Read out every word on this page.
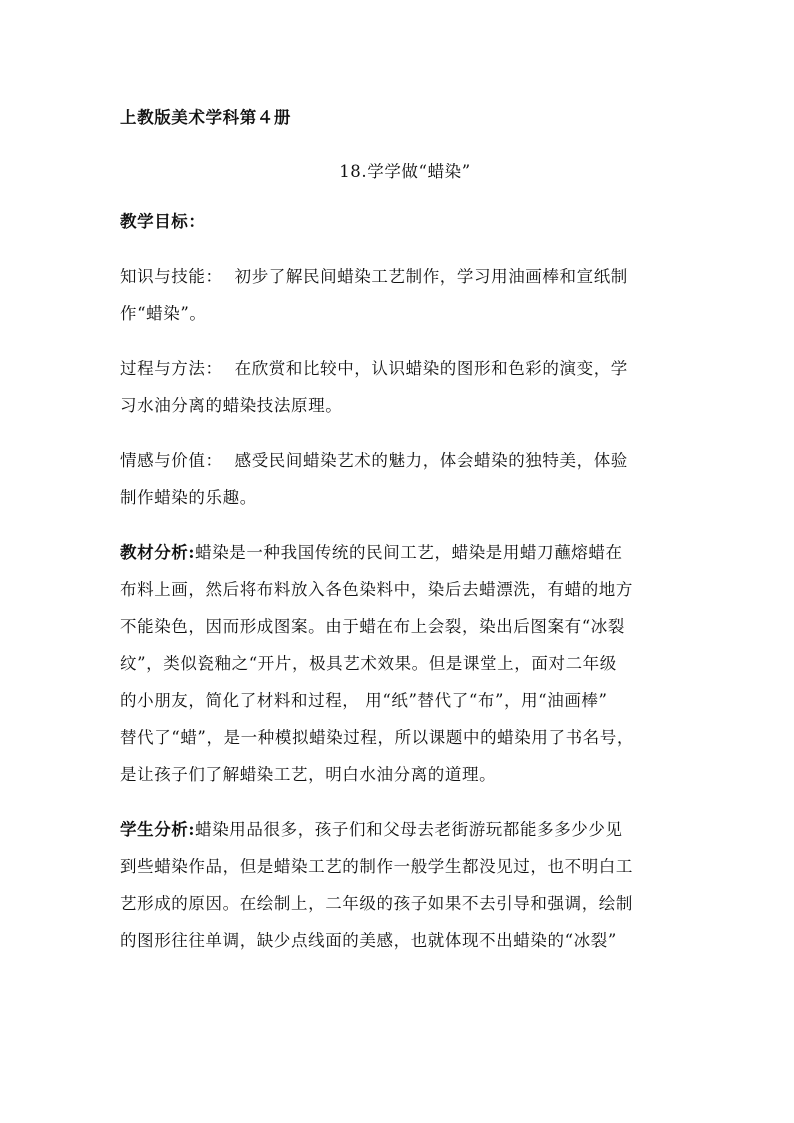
上教版美术学科第４册
18.学学做“蜡染”
教学目标：
知识与技能： 初步了解民间蜡染工艺制作，学习用油画棒和宣纸制
作“蜡染”。
过程与方法： 在欣赏和比较中，认识蜡染的图形和色彩的演变，学
习水油分离的蜡染技法原理。
情感与价值： 感受民间蜡染艺术的魅力，体会蜡染的独特美，体验
制作蜡染的乐趣。
教材分析:蜡染是一种我国传统的民间工艺，蜡染是用蜡刀蘸熔蜡在
布料上画，然后将布料放入各色染料中，染后去蜡漂洗，有蜡的地方
不能染色，因而形成图案。由于蜡在布上会裂，染出后图案有“冰裂
纹”，类似瓷釉之“开片，极具艺术效果。但是课堂上，面对二年级
的小朋友，简化了材料和过程， 用“纸”替代了“布”，用“油画棒”
替代了“蜡”，是一种模拟蜡染过程，所以课题中的蜡染用了书名号，
是让孩子们了解蜡染工艺，明白水油分离的道理。
学生分析:蜡染用品很多，孩子们和父母去老街游玩都能多多少少见
到些蜡染作品，但是蜡染工艺的制作一般学生都没见过，也不明白工
艺形成的原因。在绘制上，二年级的孩子如果不去引导和强调，绘制
的图形往往单调，缺少点线面的美感，也就体现不出蜡染的“冰裂”
